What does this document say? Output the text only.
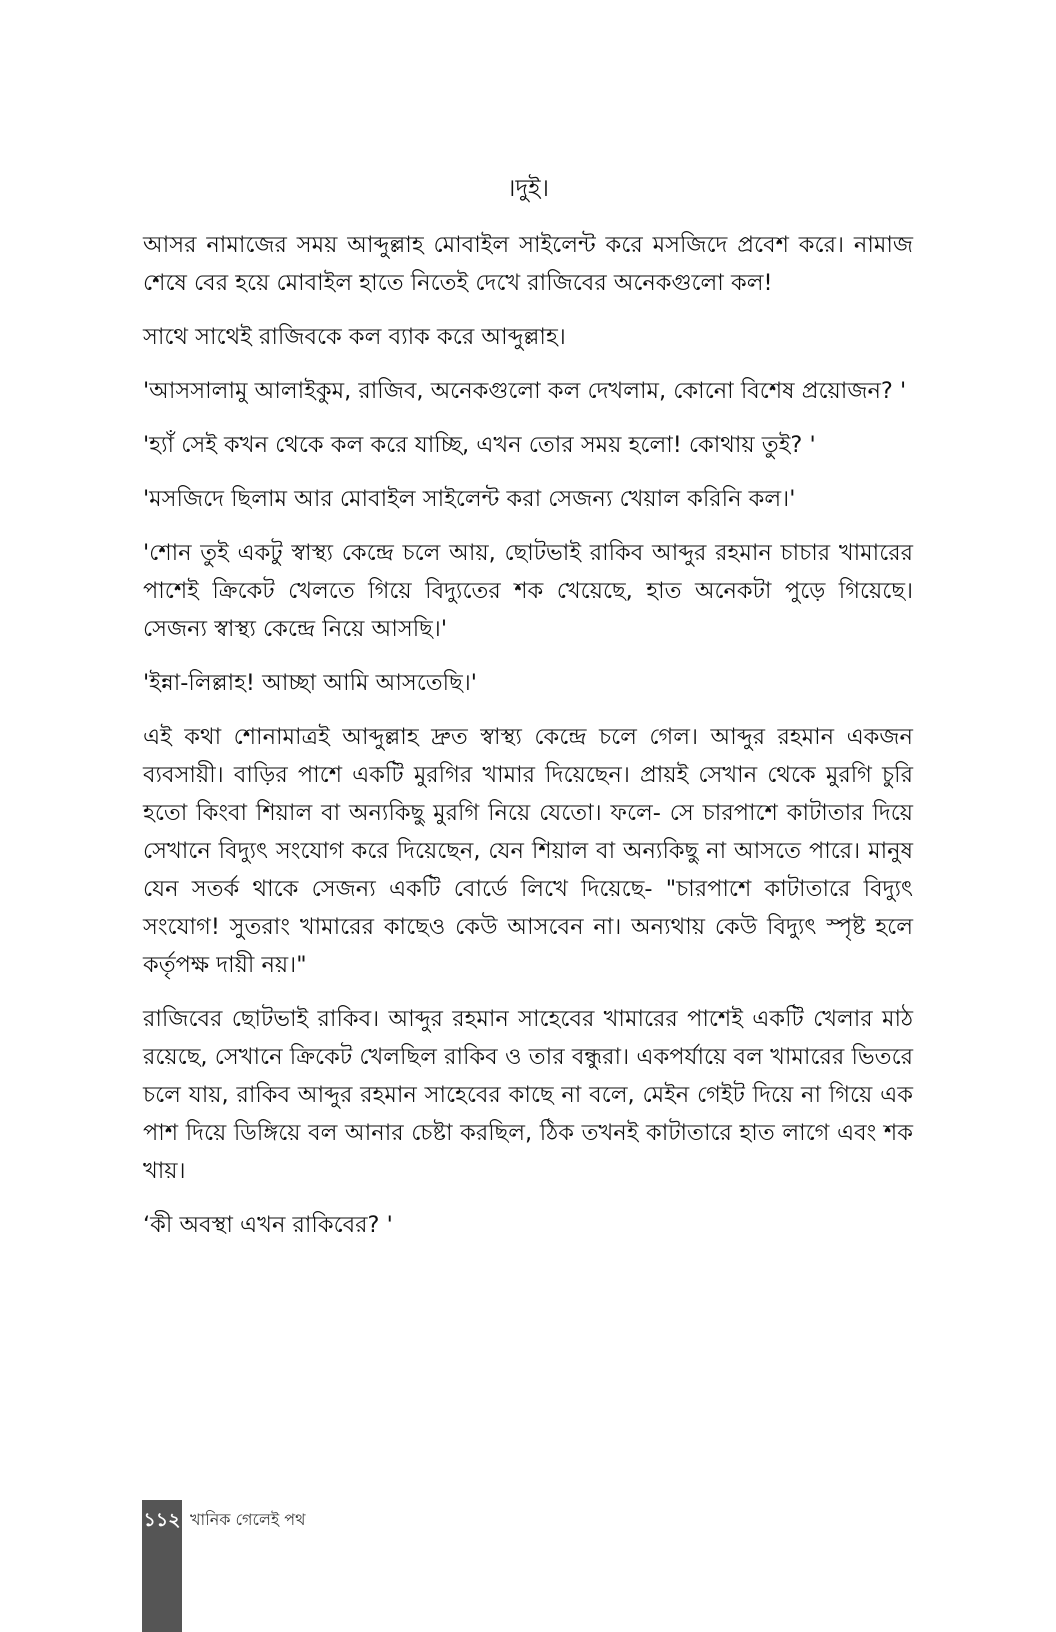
।দুই।

আসর নামাজের সময় আব্দুল্লাহ মোবাইল সাইলেন্ট করে মসজিদে প্রবেশ করে। নামাজ শেষে বের হয়ে মোবাইল হাতে নিতেই দেখে রাজিবের অনেকগুলো কল!

সাথে সাথেই রাজিবকে কল ব্যাক করে আব্দুল্লাহ।

'আসসালামু আলাইকুম, রাজিব, অনেকগুলো কল দেখলাম, কোনো বিশেষ প্রয়োজন? '

'হ্যাঁ সেই কখন থেকে কল করে যাচ্ছি, এখন তোর সময় হলো! কোথায় তুই? '

'মসজিদে ছিলাম আর মোবাইল সাইলেন্ট করা সেজন্য খেয়াল করিনি কল।'

'শোন তুই একটু স্বাস্থ্য কেন্দ্রে চলে আয়, ছোটভাই রাকিব আব্দুর রহমান চাচার খামারের পাশেই ক্রিকেট খেলতে গিয়ে বিদ্যুতের শক খেয়েছে, হাত অনেকটা পুড়ে গিয়েছে। সেজন্য স্বাস্থ্য কেন্দ্রে নিয়ে আসছি।'

'ইন্না-লিল্লাহ! আচ্ছা আমি আসতেছি।'

এই কথা শোনামাত্রই আব্দুল্লাহ দ্রুত স্বাস্থ্য কেন্দ্রে চলে গেল। আব্দুর রহমান একজন ব্যবসায়ী। বাড়ির পাশে একটি মুরগির খামার দিয়েছেন। প্রায়ই সেখান থেকে মুরগি চুরি হতো কিংবা শিয়াল বা অন্যকিছু মুরগি নিয়ে যেতো। ফলে- সে চারপাশে কাটাতার দিয়ে সেখানে বিদ্যুৎ সংযোগ করে দিয়েছেন, যেন শিয়াল বা অন্যকিছু না আসতে পারে। মানুষ যেন সতর্ক থাকে সেজন্য একটি বোর্ডে লিখে দিয়েছে- "চারপাশে কাটাতারে বিদ্যুৎ সংযোগ! সুতরাং খামারের কাছেও কেউ আসবেন না। অন্যথায় কেউ বিদ্যুৎ স্পৃষ্ট হলে কর্তৃপক্ষ দায়ী নয়।"

রাজিবের ছোটভাই রাকিব। আব্দুর রহমান সাহেবের খামারের পাশেই একটি খেলার মাঠ রয়েছে, সেখানে ক্রিকেট খেলছিল রাকিব ও তার বন্ধুরা। একপর্যায়ে বল খামারের ভিতরে চলে যায়, রাকিব আব্দুর রহমান সাহেবের কাছে না বলে, মেইন গেইট দিয়ে না গিয়ে এক পাশ দিয়ে ডিঙ্গিয়ে বল আনার চেষ্টা করছিল, ঠিক তখনই কাটাতারে হাত লাগে এবং শক খায়।

‘কী অবস্থা এখন রাকিবের? '

১১২ খানিক গেলেই পথ
